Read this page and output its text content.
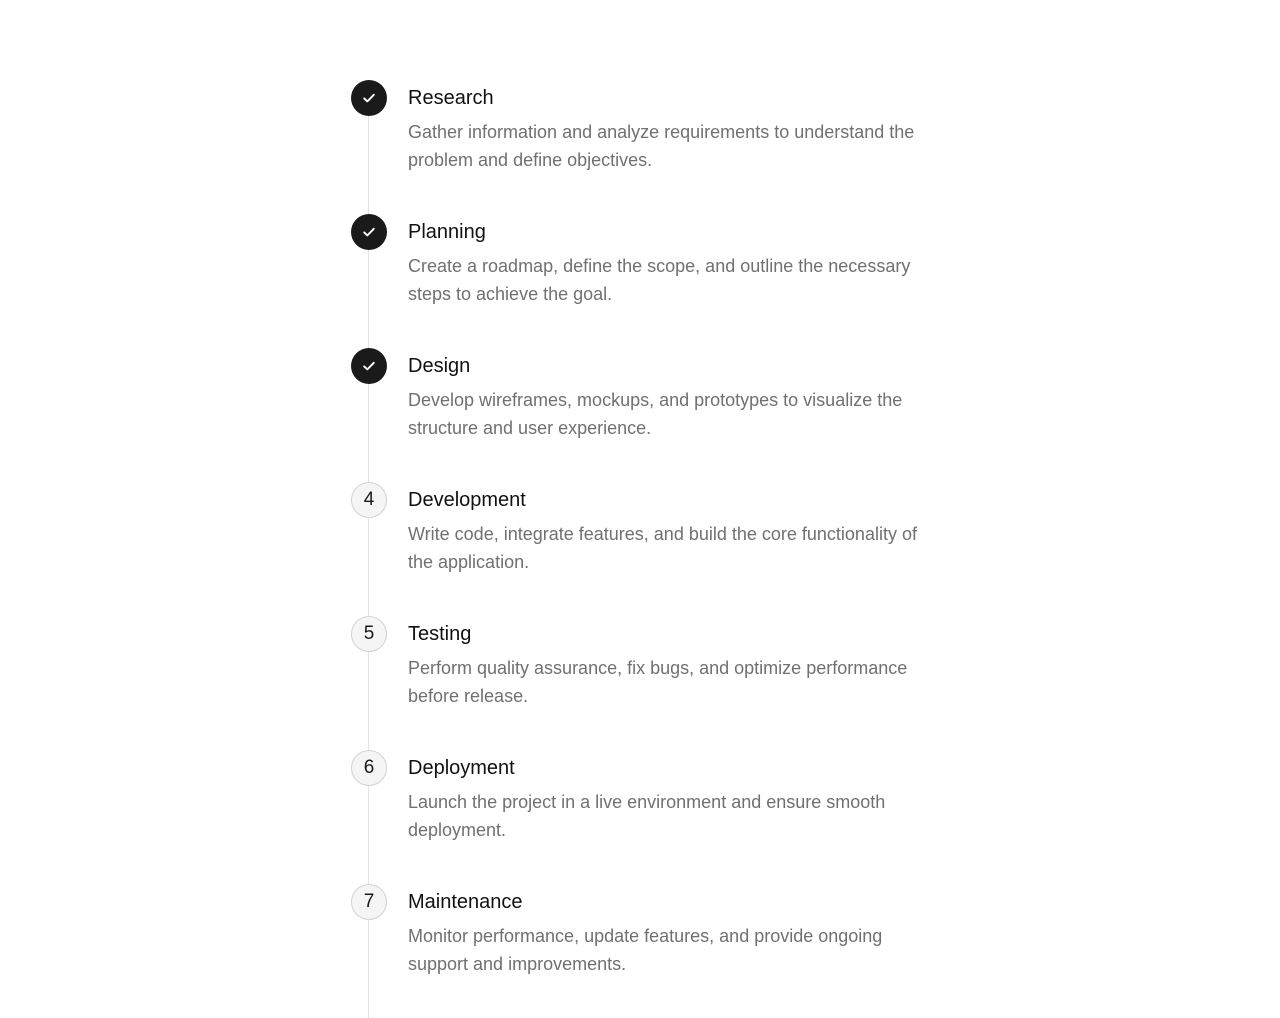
Research
Gather information and analyze requirements to understand the problem and define objectives.
Planning
Create a roadmap, define the scope, and outline the necessary steps to achieve the goal.
Design
Develop wireframes, mockups, and prototypes to visualize the structure and user experience.
4	Development
Write code, integrate features, and build the core functionality of the application.
5	Testing
Perform quality assurance, fix bugs, and optimize performance before release.
6	Deployment
Launch the project in a live environment and ensure smooth deployment.
7	Maintenance
Monitor performance, update features, and provide ongoing support and improvements.
